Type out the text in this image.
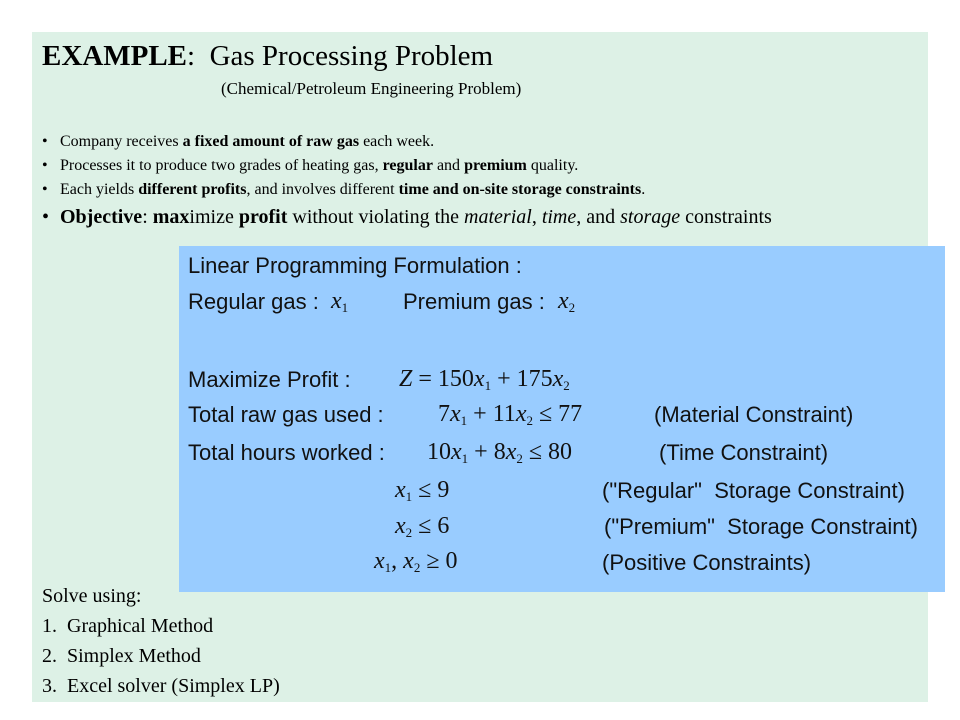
EXAMPLE:  Gas Processing Problem
(Chemical/Petroleum Engineering Problem)
• Company receives a fixed amount of raw gas each week.
• Processes it to produce two grades of heating gas, regular and premium quality.
• Each yields different profits, and involves different time and on-site storage constraints.
• Objective: maximize profit without violating the material, time, and storage constraints
Linear Programming Formulation :
Regular gas : $x_1$ Premium gas : $x_2$
Maximize Profit : $Z = 150x_1 + 175x_2$
Total raw gas used : $7x_1 + 11x_2 \le 77$	(Material Constraint)
Total hours worked : $10x_1 + 8x_2 \le 80$	(Time Constraint)
$x_1 \le 9$	("Regular"  Storage Constraint)
$x_2 \le 6$	("Premium"  Storage Constraint)
$x_1$, $x_2 \ge 0$	(Positive Constraints)
Solve using:
1.  Graphical Method
2.  Simplex Method
3.  Excel solver (Simplex LP)
